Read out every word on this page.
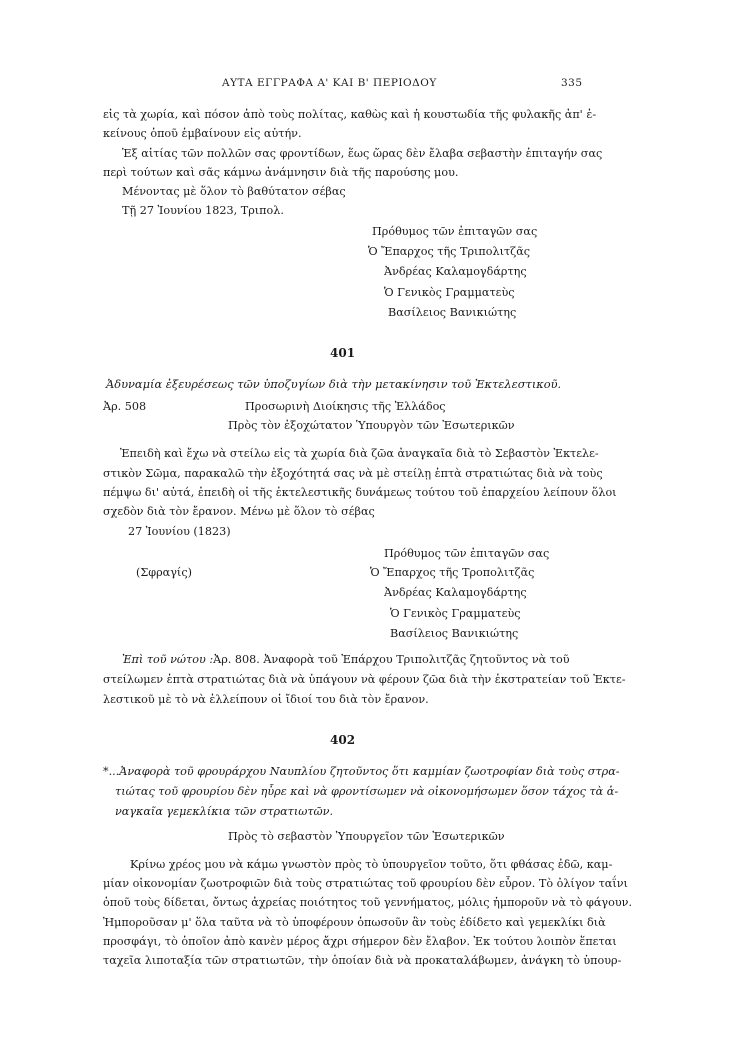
ΑΥΤΑ ΕΓΓΡΑΦΑ Α' ΚΑΙ Β' ΠΕΡΙΟΔΟΥ	335
εἰς τὰ χωρία, καὶ πόσον ἀπὸ τοὺς πολίτας, καθὼς καὶ ἡ κουστωδία τῆς φυλακῆς ἀπ' ἐ-
κείνους ὁποῦ ἐμβαίνουν εἰς αὐτήν.
Ἐξ αἰτίας τῶν πολλῶν σας φροντίδων, ἕως ὥρας δὲν ἔλαβα σεβαστὴν ἐπιταγήν σας
περὶ τούτων καὶ σᾶς κάμνω ἀνάμνησιν διὰ τῆς παρούσης μου.
Μένοντας μὲ ὅλον τὸ βαθύτατον σέβας
Τῇ 27 Ἰουνίου 1823, Τριπολ.
Πρόθυμος τῶν ἐπιταγῶν σας
Ὁ Ἔπαρχος τῆς Τριπολιτζᾶς
Ἀνδρέας Καλαμογδάρτης
Ὁ Γενικὸς Γραμματεὺς
Βασίλειος Βανικιώτης
401
Ἀδυναμία ἐξευρέσεως τῶν ὑποζυγίων διὰ τὴν μετακίνησιν τοῦ Ἐκτελεστικοῦ.
Ἀρ. 508	Προσωρινὴ Διοίκησις τῆς Ἑλλάδος
Πρὸς τὸν ἐξοχώτατον Ὑπουργὸν τῶν Ἐσωτερικῶν
Ἐπειδὴ καὶ ἔχω νὰ στείλω εἰς τὰ χωρία διὰ ζῶα ἀναγκαῖα διὰ τὸ Σεβαστὸν Ἐκτελε-
στικὸν Σῶμα, παρακαλῶ τὴν ἐξοχότητά σας νὰ μὲ στείλῃ ἑπτὰ στρατιώτας διὰ νὰ τοὺς
πέμψω δι' αὐτά, ἐπειδὴ οἱ τῆς ἐκτελεστικῆς δυνάμεως τούτου τοῦ ἐπαρχείου λείπουν ὅλοι
σχεδὸν διὰ τὸν ἔρανον. Μένω μὲ ὅλον τὸ σέβας
27 Ἰουνίου (1823)
(Σφραγίς)
Πρόθυμος τῶν ἐπιταγῶν σας
Ὁ Ἔπαρχος τῆς Τροπολιτζᾶς
Ἀνδρέας Καλαμογδάρτης
Ὁ Γενικὸς Γραμματεὺς
Βασίλειος Βανικιώτης
Ἐπὶ τοῦ νώτου :Ἀρ. 808. Ἀναφορὰ τοῦ Ἐπάρχου Τριπολιτζᾶς ζητοῦντος νὰ τοῦ
στείλωμεν ἑπτὰ στρατιώτας διὰ νὰ ὑπάγουν νὰ φέρουν ζῶα διὰ τὴν ἐκστρατείαν τοῦ Ἐκτε-
λεστικοῦ μὲ τὸ νὰ ἐλλείπουν οἱ ἴδιοί του διὰ τὸν ἔρανον.
402
*...Ἀναφορὰ τοῦ φρουράρχου Ναυπλίου ζητοῦντος ὅτι καμμίαν ζωοτροφίαν διὰ τοὺς στρα-
τιώτας τοῦ φρουρίου δὲν ηὗρε καὶ νὰ φροντίσωμεν νὰ οἰκονομήσωμεν ὅσον τάχος τὰ ἀ-
ναγκαῖα γεμεκλίκια τῶν στρατιωτῶν.
Πρὸς τὸ σεβαστὸν Ὑπουργεῖον τῶν Ἐσωτερικῶν
Κρίνω χρέος μου νὰ κάμω γνωστὸν πρὸς τὸ ὑπουργεῖον τοῦτο, ὅτι φθάσας ἐδῶ, καμ-
μίαν οἰκονομίαν ζωοτροφιῶν διὰ τοὺς στρατιώτας τοῦ φρουρίου δὲν εὗρον. Τὸ ὀλίγον ταΐνι
ὁποῦ τοὺς δίδεται, ὄντως ἀχρείας ποιότητος τοῦ γεννήματος, μόλις ἠμποροῦν νὰ τὸ φάγουν.
Ἠμποροῦσαν μ' ὅλα ταῦτα νὰ τὸ ὑποφέρουν ὁπωσοῦν ἂν τοὺς ἐδίδετο καὶ γεμεκλίκι διὰ
προσφάγι, τὸ ὁποῖον ἀπὸ κανὲν μέρος ἄχρι σήμερον δὲν ἔλαβον. Ἐκ τούτου λοιπὸν ἕπεται
ταχεῖα λιποταξία τῶν στρατιωτῶν, τὴν ὁποίαν διὰ νὰ προκαταλάβωμεν, ἀνάγκη τὸ ὑπουρ-
